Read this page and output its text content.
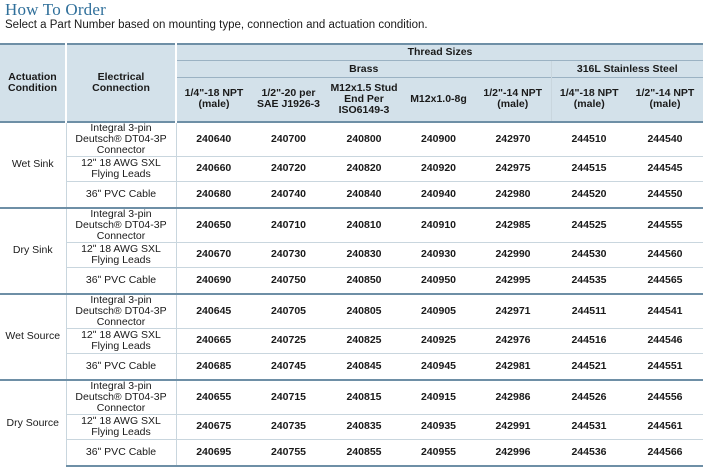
How To Order
Select a Part Number based on mounting type, connection and actuation condition.
Actuation Condition	Electrical Connection	Thread Sizes						
		Brass					316L Stainless Steel	
		1/4ʺ-18 NPT (male)	1/2ʺ-20 per SAE J1926-3	M12x1.5 Stud End Per ISO6149-3	M12x1.0-8g	1/2ʺ-14 NPT (male)	1/4ʺ-18 NPT (male)	1/2ʺ-14 NPT (male)
Wet Sink	Integral 3-pin Deutsch® DT04-3P Connector	240640	240700	240800	240900	242970	244510	244540
	12ʺ 18 AWG SXL Flying Leads	240660	240720	240820	240920	242975	244515	244545
	36ʺ PVC Cable	240680	240740	240840	240940	242980	244520	244550
Dry Sink	Integral 3-pin Deutsch® DT04-3P Connector	240650	240710	240810	240910	242985	244525	244555
	12ʺ 18 AWG SXL Flying Leads	240670	240730	240830	240930	242990	244530	244560
	36ʺ PVC Cable	240690	240750	240850	240950	242995	244535	244565
Wet Source	Integral 3-pin Deutsch® DT04-3P Connector	240645	240705	240805	240905	242971	244511	244541
	12ʺ 18 AWG SXL Flying Leads	240665	240725	240825	240925	242976	244516	244546
	36ʺ PVC Cable	240685	240745	240845	240945	242981	244521	244551
Dry Source	Integral 3-pin Deutsch® DT04-3P Connector	240655	240715	240815	240915	242986	244526	244556
	12ʺ 18 AWG SXL Flying Leads	240675	240735	240835	240935	242991	244531	244561
	36ʺ PVC Cable	240695	240755	240855	240955	242996	244536	244566
